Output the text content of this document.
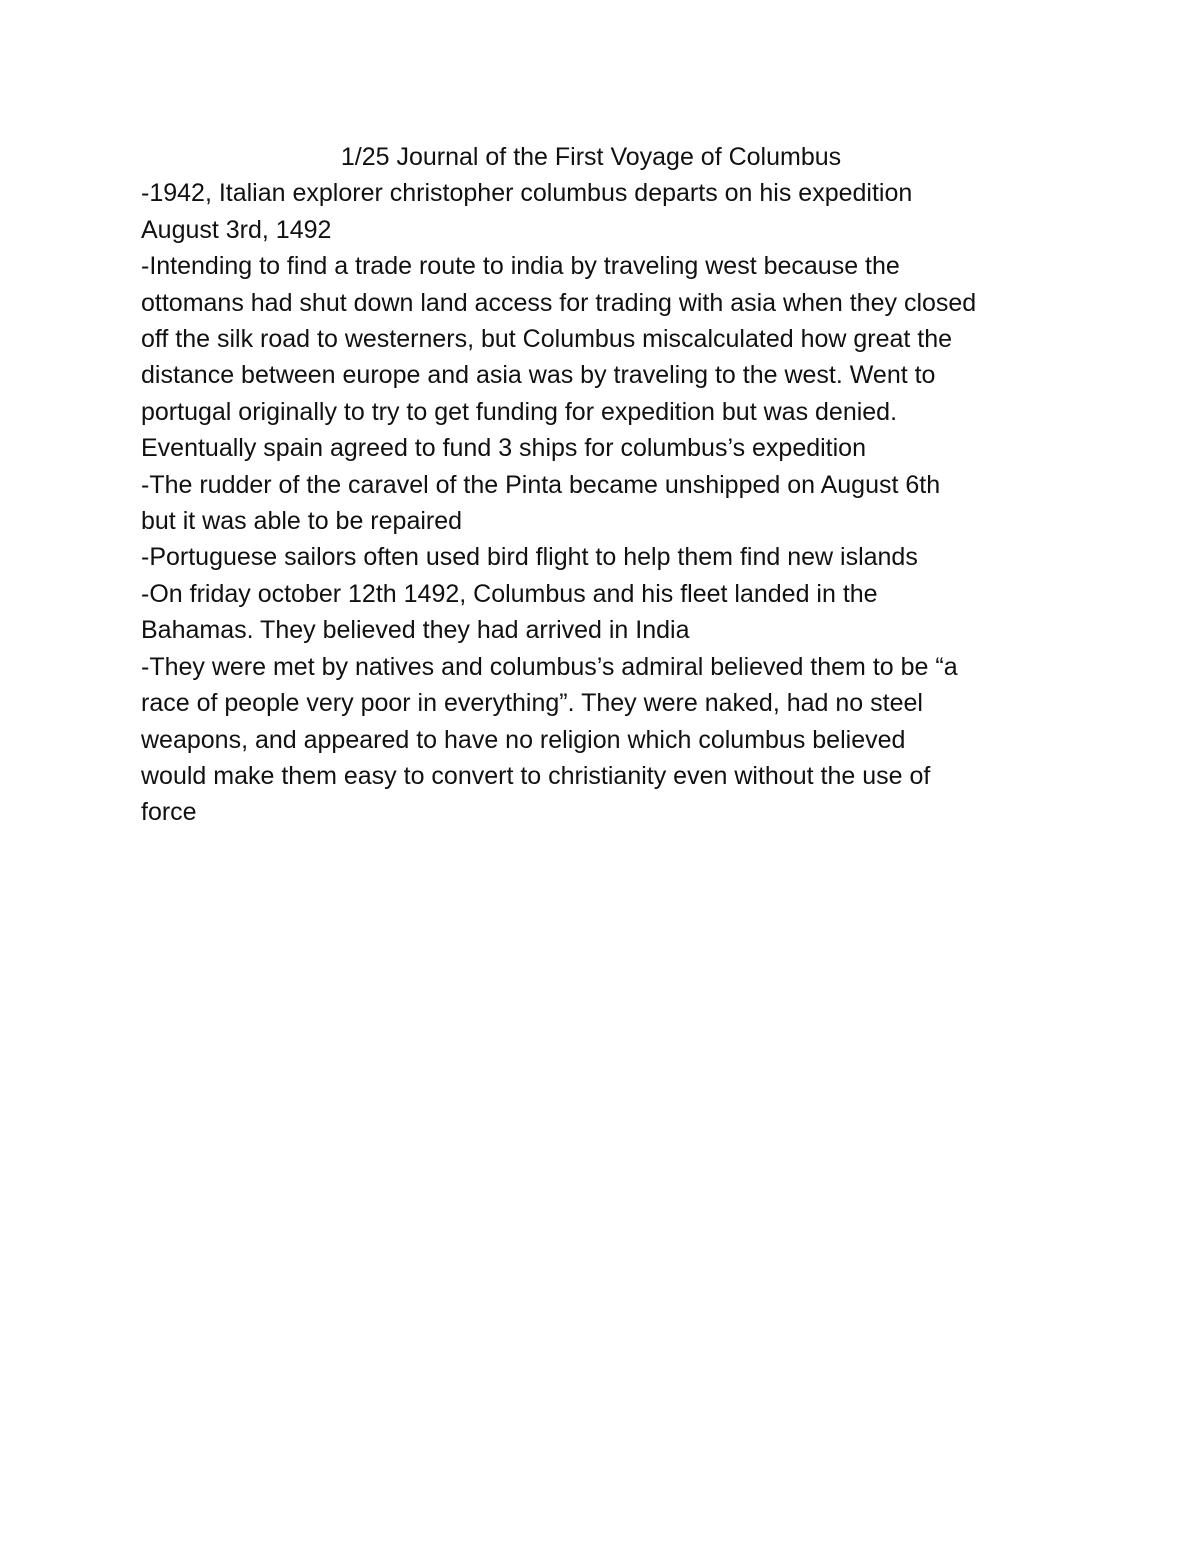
1/25 Journal of the First Voyage of Columbus

-1942, Italian explorer christopher columbus departs on his expedition

August 3rd, 1492

-Intending to find a trade route to india by traveling west because the

ottomans had shut down land access for trading with asia when they closed

off the silk road to westerners, but Columbus miscalculated how great the

distance between europe and asia was by traveling to the west. Went to

portugal originally to try to get funding for expedition but was denied.

Eventually spain agreed to fund 3 ships for columbus’s expedition

-The rudder of the caravel of the Pinta became unshipped on August 6th

but it was able to be repaired

-Portuguese sailors often used bird flight to help them find new islands

-On friday october 12th 1492, Columbus and his fleet landed in the

Bahamas. They believed they had arrived in India

-They were met by natives and columbus’s admiral believed them to be “a

race of people very poor in everything”. They were naked, had no steel

weapons, and appeared to have no religion which columbus believed

would make them easy to convert to christianity even without the use of

force
